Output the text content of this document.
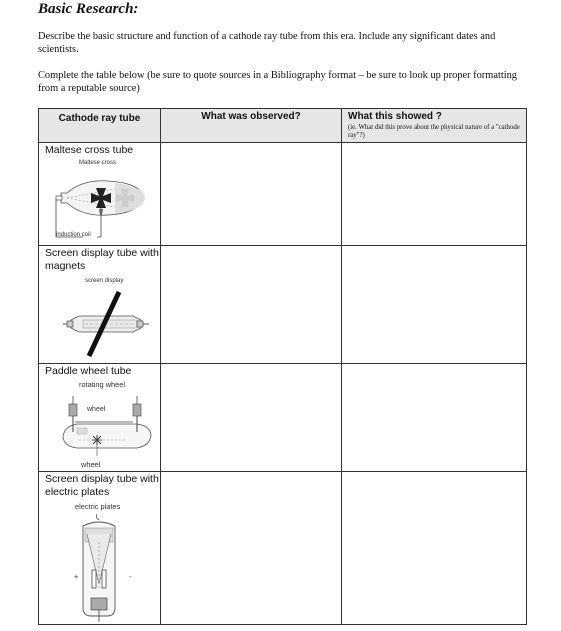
Basic Research:
Describe the basic structure and function of a cathode ray tube from this era. Include any significant dates and scientists.
Complete the table below (be sure to quote sources in a Bibliography format – be sure to look up proper formatting from a reputable source)
Cathode ray tube	What was observed?	What this showed ?
(ie. What did this prove about the physical nature of a "cathode ray"?)

Maltese cross tube
Maltese cross
induction coil		

Screen display tube with magnets
screen display		

Paddle wheel tube
rotating wheel
wheel
wheel		

Screen display tube with electric plates
electric plates
+ -		
